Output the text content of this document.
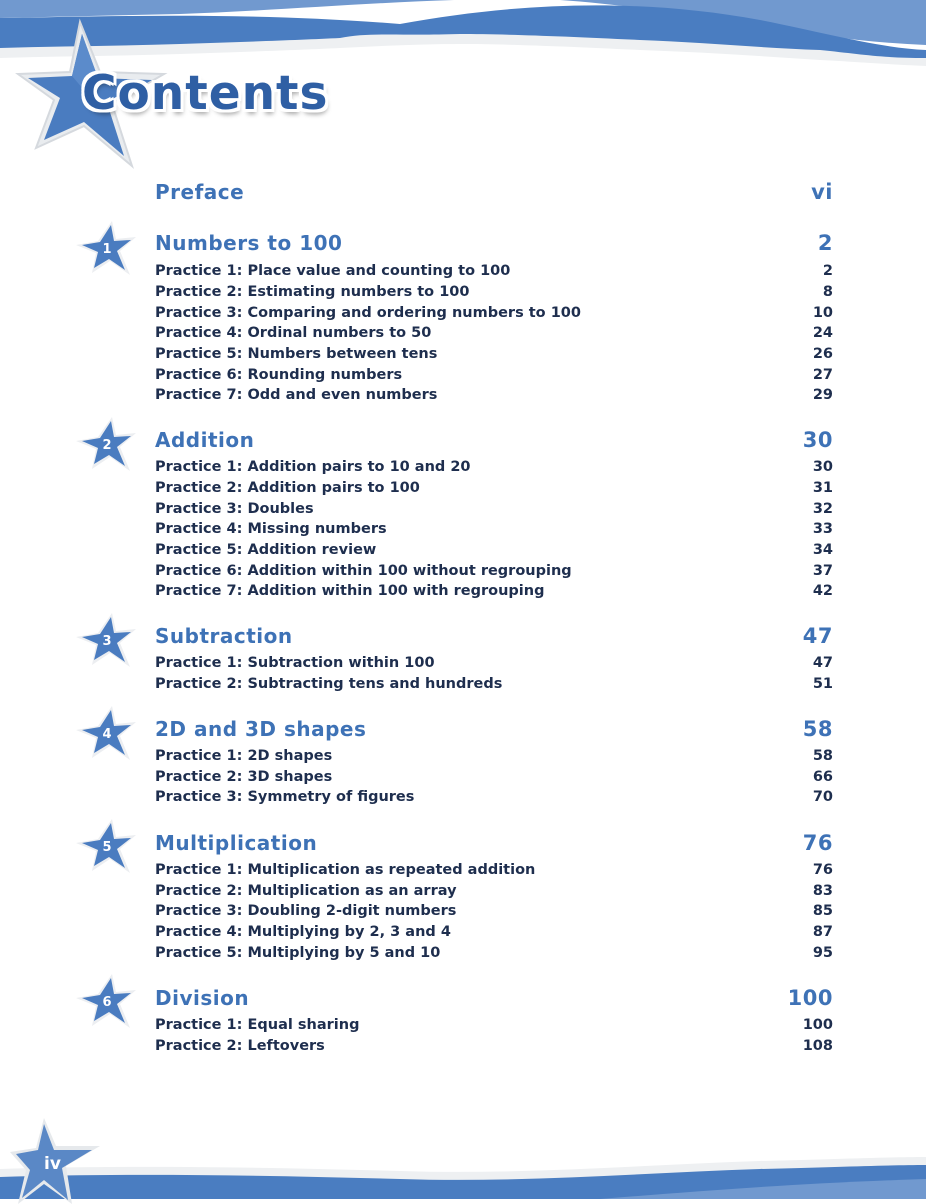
Contents
Preface	vi
1	Numbers to 100	2
Practice 1: Place value and counting to 100	2
Practice 2: Estimating numbers to 100	8
Practice 3: Comparing and ordering numbers to 100	10
Practice 4: Ordinal numbers to 50	24
Practice 5: Numbers between tens	26
Practice 6: Rounding numbers	27
Practice 7: Odd and even numbers	29
2	Addition	30
Practice 1: Addition pairs to 10 and 20	30
Practice 2: Addition pairs to 100	31
Practice 3: Doubles	32
Practice 4: Missing numbers	33
Practice 5: Addition review	34
Practice 6: Addition within 100 without regrouping	37
Practice 7: Addition within 100 with regrouping	42
3	Subtraction	47
Practice 1: Subtraction within 100	47
Practice 2: Subtracting tens and hundreds	51
4	2D and 3D shapes	58
Practice 1: 2D shapes	58
Practice 2: 3D shapes	66
Practice 3: Symmetry of figures	70
5	Multiplication	76
Practice 1: Multiplication as repeated addition	76
Practice 2: Multiplication as an array	83
Practice 3: Doubling 2-digit numbers	85
Practice 4: Multiplying by 2, 3 and 4	87
Practice 5: Multiplying by 5 and 10	95
6	Division	100
Practice 1: Equal sharing	100
Practice 2: Leftovers	108
iv
